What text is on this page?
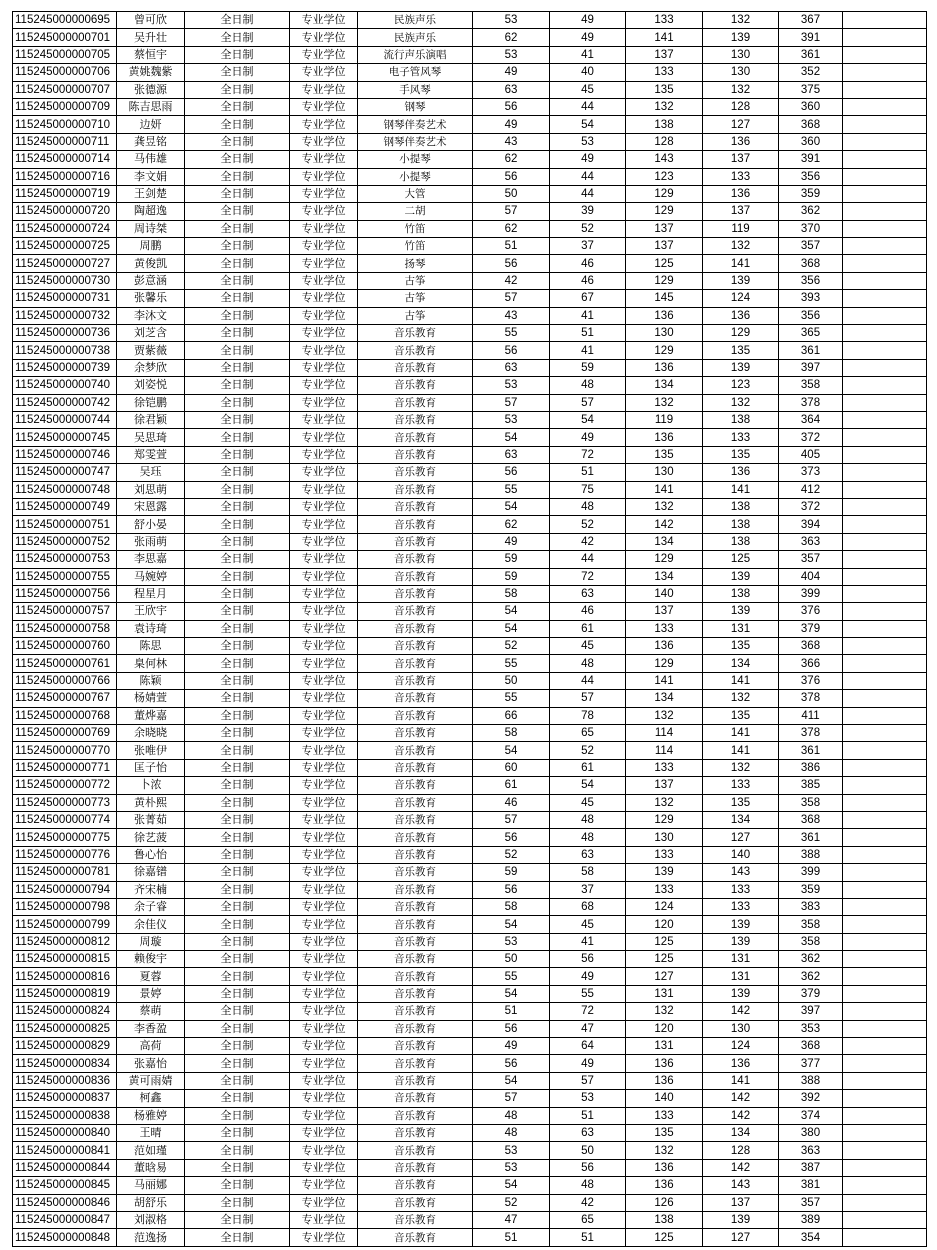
115245000000695	曾可欣	全日制	专业学位	民族声乐	53	49	133	132	367	
115245000000701	吴升壮	全日制	专业学位	民族声乐	62	49	141	139	391	
115245000000705	蔡恒宇	全日制	专业学位	流行声乐演唱	53	41	137	130	361	
115245000000706	黄姚魏紫	全日制	专业学位	电子管风琴	49	40	133	130	352	
115245000000707	张德源	全日制	专业学位	手风琴	63	45	135	132	375	
115245000000709	陈吉思雨	全日制	专业学位	钢琴	56	44	132	128	360	
115245000000710	边妍	全日制	专业学位	钢琴伴奏艺术	49	54	138	127	368	
115245000000711	龚昱铭	全日制	专业学位	钢琴伴奏艺术	43	53	128	136	360	
115245000000714	马伟雄	全日制	专业学位	小提琴	62	49	143	137	391	
115245000000716	李文娟	全日制	专业学位	小提琴	56	44	123	133	356	
115245000000719	王剑楚	全日制	专业学位	大管	50	44	129	136	359	
115245000000720	陶超逸	全日制	专业学位	二胡	57	39	129	137	362	
115245000000724	周诗桀	全日制	专业学位	竹笛	62	52	137	119	370	
115245000000725	周鹏	全日制	专业学位	竹笛	51	37	137	132	357	
115245000000727	黄俊凯	全日制	专业学位	扬琴	56	46	125	141	368	
115245000000730	彭意涵	全日制	专业学位	古筝	42	46	129	139	356	
115245000000731	张馨乐	全日制	专业学位	古筝	57	67	145	124	393	
115245000000732	李沐文	全日制	专业学位	古筝	43	41	136	136	356	
115245000000736	刘芝含	全日制	专业学位	音乐教育	55	51	130	129	365	
115245000000738	贾紫薇	全日制	专业学位	音乐教育	56	41	129	135	361	
115245000000739	余梦欣	全日制	专业学位	音乐教育	63	59	136	139	397	
115245000000740	刘姿悦	全日制	专业学位	音乐教育	53	48	134	123	358	
115245000000742	徐铠鹏	全日制	专业学位	音乐教育	57	57	132	132	378	
115245000000744	徐君颖	全日制	专业学位	音乐教育	53	54	119	138	364	
115245000000745	吴思琦	全日制	专业学位	音乐教育	54	49	136	133	372	
115245000000746	郑雯萱	全日制	专业学位	音乐教育	63	72	135	135	405	
115245000000747	吴珏	全日制	专业学位	音乐教育	56	51	130	136	373	
115245000000748	刘思萌	全日制	专业学位	音乐教育	55	75	141	141	412	
115245000000749	宋恩露	全日制	专业学位	音乐教育	54	48	132	138	372	
115245000000751	舒小晏	全日制	专业学位	音乐教育	62	52	142	138	394	
115245000000752	张雨萌	全日制	专业学位	音乐教育	49	42	134	138	363	
115245000000753	李思嘉	全日制	专业学位	音乐教育	59	44	129	125	357	
115245000000755	马婉婷	全日制	专业学位	音乐教育	59	72	134	139	404	
115245000000756	程星月	全日制	专业学位	音乐教育	58	63	140	138	399	
115245000000757	王欣宇	全日制	专业学位	音乐教育	54	46	137	139	376	
115245000000758	袁诗琦	全日制	专业学位	音乐教育	54	61	133	131	379	
115245000000760	陈思	全日制	专业学位	音乐教育	52	45	136	135	368	
115245000000761	臬何林	全日制	专业学位	音乐教育	55	48	129	134	366	
115245000000766	陈颖	全日制	专业学位	音乐教育	50	44	141	141	376	
115245000000767	杨婧萱	全日制	专业学位	音乐教育	55	57	134	132	378	
115245000000768	董烨嘉	全日制	专业学位	音乐教育	66	78	132	135	411	
115245000000769	余晓晓	全日制	专业学位	音乐教育	58	65	114	141	378	
115245000000770	张唯伊	全日制	专业学位	音乐教育	54	52	114	141	361	
115245000000771	匡子怡	全日制	专业学位	音乐教育	60	61	133	132	386	
115245000000772	卜浓	全日制	专业学位	音乐教育	61	54	137	133	385	
115245000000773	黄朴熙	全日制	专业学位	音乐教育	46	45	132	135	358	
115245000000774	张菁茹	全日制	专业学位	音乐教育	57	48	129	134	368	
115245000000775	徐艺菠	全日制	专业学位	音乐教育	56	48	130	127	361	
115245000000776	鲁心怡	全日制	专业学位	音乐教育	52	63	133	140	388	
115245000000781	徐嘉镨	全日制	专业学位	音乐教育	59	58	139	143	399	
115245000000794	齐宋楠	全日制	专业学位	音乐教育	56	37	133	133	359	
115245000000798	余子睿	全日制	专业学位	音乐教育	58	68	124	133	383	
115245000000799	余佳仪	全日制	专业学位	音乐教育	54	45	120	139	358	
115245000000812	周璇	全日制	专业学位	音乐教育	53	41	125	139	358	
115245000000815	赖俊宇	全日制	专业学位	音乐教育	50	56	125	131	362	
115245000000816	夏蓉	全日制	专业学位	音乐教育	55	49	127	131	362	
115245000000819	景婷	全日制	专业学位	音乐教育	54	55	131	139	379	
115245000000824	蔡萌	全日制	专业学位	音乐教育	51	72	132	142	397	
115245000000825	李香盈	全日制	专业学位	音乐教育	56	47	120	130	353	
115245000000829	高荷	全日制	专业学位	音乐教育	49	64	131	124	368	
115245000000834	张嘉怡	全日制	专业学位	音乐教育	56	49	136	136	377	
115245000000836	黄可雨婧	全日制	专业学位	音乐教育	54	57	136	141	388	
115245000000837	柯鑫	全日制	专业学位	音乐教育	57	53	140	142	392	
115245000000838	杨雅婷	全日制	专业学位	音乐教育	48	51	133	142	374	
115245000000840	王晴	全日制	专业学位	音乐教育	48	63	135	134	380	
115245000000841	范如瑾	全日制	专业学位	音乐教育	53	50	132	128	363	
115245000000844	董晗易	全日制	专业学位	音乐教育	53	56	136	142	387	
115245000000845	马丽娜	全日制	专业学位	音乐教育	54	48	136	143	381	
115245000000846	胡舒乐	全日制	专业学位	音乐教育	52	42	126	137	357	
115245000000847	刘淑格	全日制	专业学位	音乐教育	47	65	138	139	389	
115245000000848	范逸扬	全日制	专业学位	音乐教育	51	51	125	127	354	
